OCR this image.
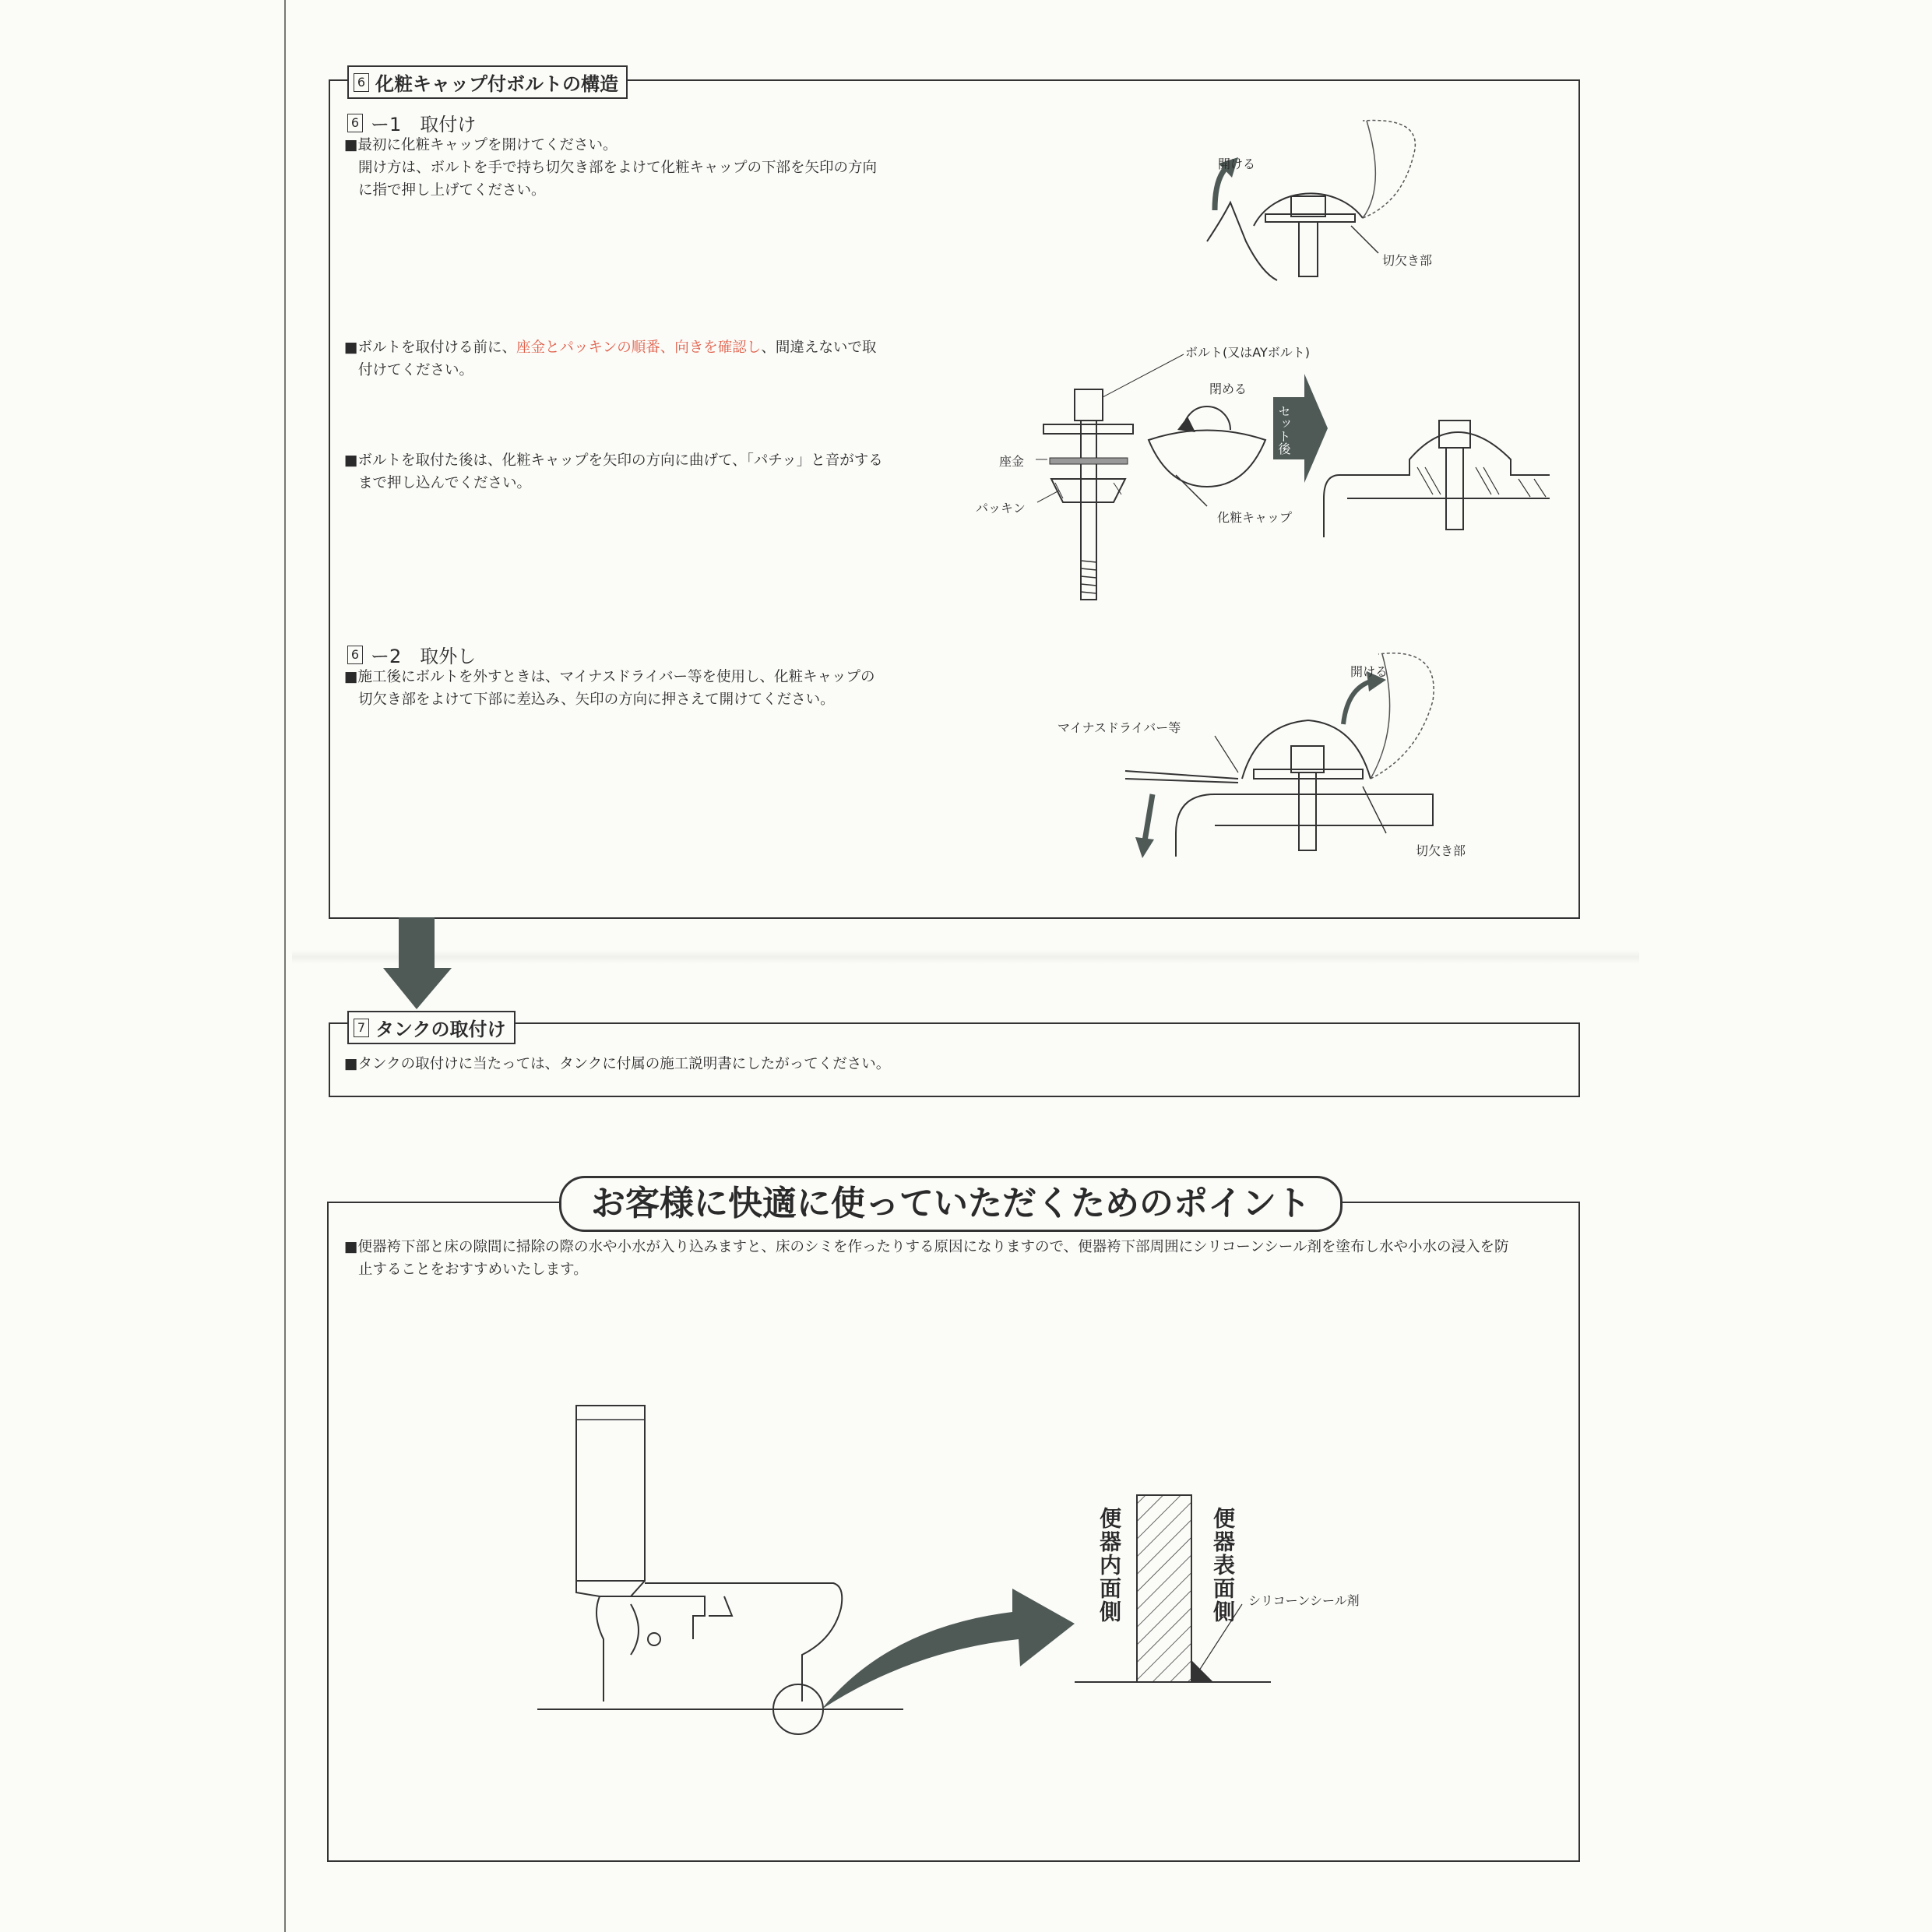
6 化粧キャップ付ボルトの構造
6 ー1　取付け
■最初に化粧キャップを開けてください。
開け方は、ボルトを手で持ち切欠き部をよけて化粧キャップの下部を矢印の方向
に指で押し上げてください。
■ボルトを取付ける前に、座金とパッキンの順番、向きを確認し、間違えないで取
付けてください。
■ボルトを取付た後は、化粧キャップを矢印の方向に曲げて、「パチッ」と音がする
まで押し込んでください。
6 ー2　取外し
■施工後にボルトを外すときは、マイナスドライバー等を使用し、化粧キャップの
切欠き部をよけて下部に差込み、矢印の方向に押さえて開けてください。
開ける
切欠き部
ボルト(又はAYボルト)
閉める
座金
パッキン
化粧キャップ
セット後
開ける
マイナスドライバー等
切欠き部
7 タンクの取付け
■タンクの取付けに当たっては、タンクに付属の施工説明書にしたがってください。
お客様に快適に使っていただくためのポイント
■便器袴下部と床の隙間に掃除の際の水や小水が入り込みますと、床のシミを作ったりする原因になりますので、便器袴下部周囲にシリコーンシール剤を塗布し水や小水の浸入を防
止することをおすすめいたします。
便器内面側	便器表面側 シリコーンシール剤
